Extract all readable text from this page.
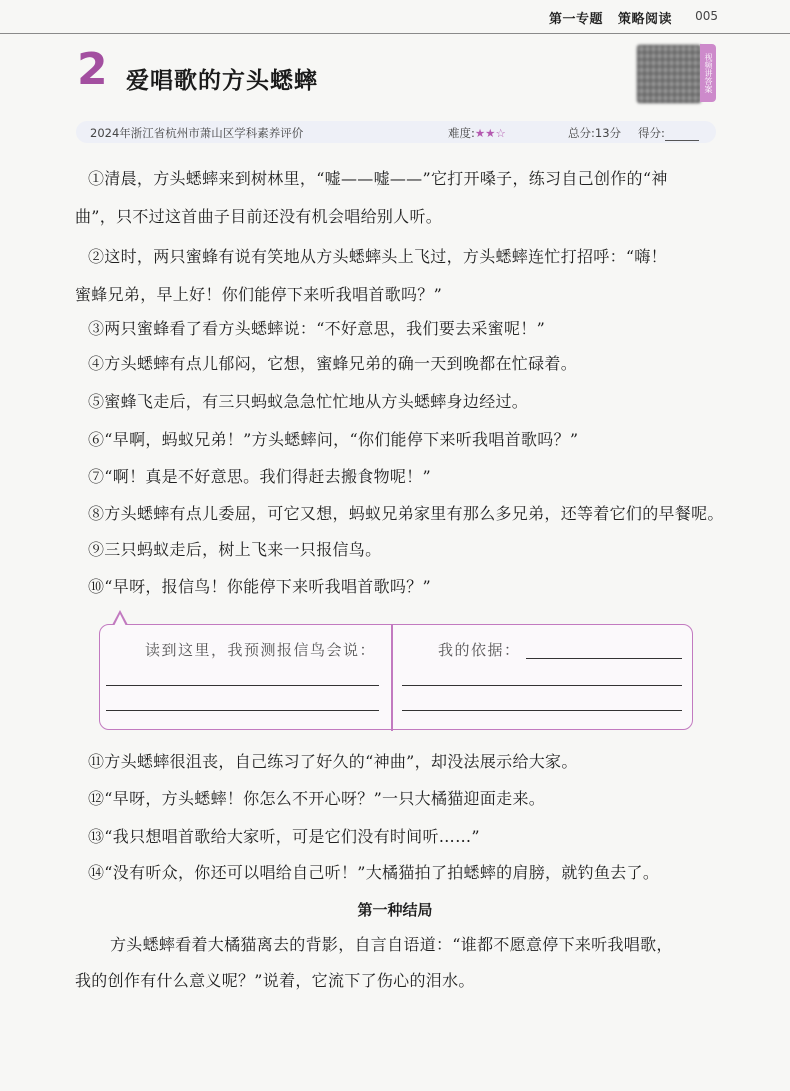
第一专题 策略阅读 005
2 爱唱歌的方头蟋蟀	视频讲答案
2024年浙江省杭州市萧山区学科素养评价	难度:★★☆	总分:13分 得分:
①清晨，方头蟋蟀来到树林里，“嘘——嘘——”它打开嗓子，练习自己创作的“神
曲”，只不过这首曲子目前还没有机会唱给别人听。
②这时，两只蜜蜂有说有笑地从方头蟋蟀头上飞过，方头蟋蟀连忙打招呼：“嗨！
蜜蜂兄弟，早上好！你们能停下来听我唱首歌吗？”
③两只蜜蜂看了看方头蟋蟀说：“不好意思，我们要去采蜜呢！”
④方头蟋蟀有点儿郁闷，它想，蜜蜂兄弟的确一天到晚都在忙碌着。
⑤蜜蜂飞走后，有三只蚂蚁急急忙忙地从方头蟋蟀身边经过。
⑥“早啊，蚂蚁兄弟！”方头蟋蟀问，“你们能停下来听我唱首歌吗？”
⑦“啊！真是不好意思。我们得赶去搬食物呢！”
⑧方头蟋蟀有点儿委屈，可它又想，蚂蚁兄弟家里有那么多兄弟，还等着它们的早餐呢。
⑨三只蚂蚁走后，树上飞来一只报信鸟。
⑩“早呀，报信鸟！你能停下来听我唱首歌吗？”
读到这里，我预测报信鸟会说：	我的依据：
⑪方头蟋蟀很沮丧，自己练习了好久的“神曲”，却没法展示给大家。
⑫“早呀，方头蟋蟀！你怎么不开心呀？”一只大橘猫迎面走来。
⑬“我只想唱首歌给大家听，可是它们没有时间听……”
⑭“没有听众，你还可以唱给自己听！”大橘猫拍了拍蟋蟀的肩膀，就钓鱼去了。
第一种结局
方头蟋蟀看着大橘猫离去的背影，自言自语道：“谁都不愿意停下来听我唱歌，
我的创作有什么意义呢？”说着，它流下了伤心的泪水。
